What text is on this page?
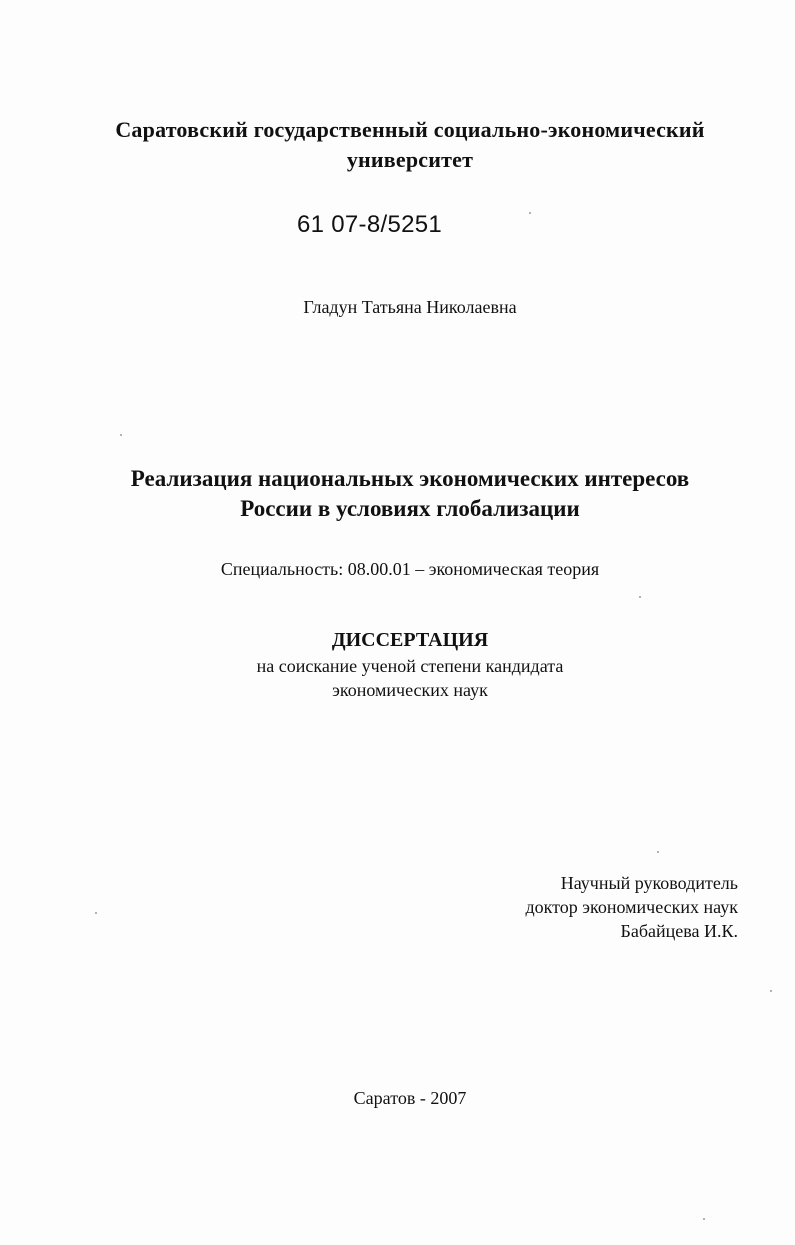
Саратовский государственный социально-экономический
университет
61 07-8/5251
Гладун Татьяна Николаевна
Реализация национальных экономических интересов
России в условиях глобализации
Специальность: 08.00.01 – экономическая теория
ДИССЕРТАЦИЯ
на соискание ученой степени кандидата
экономических наук
Научный руководитель
доктор экономических наук
Бабайцева И.К.
Саратов - 2007
